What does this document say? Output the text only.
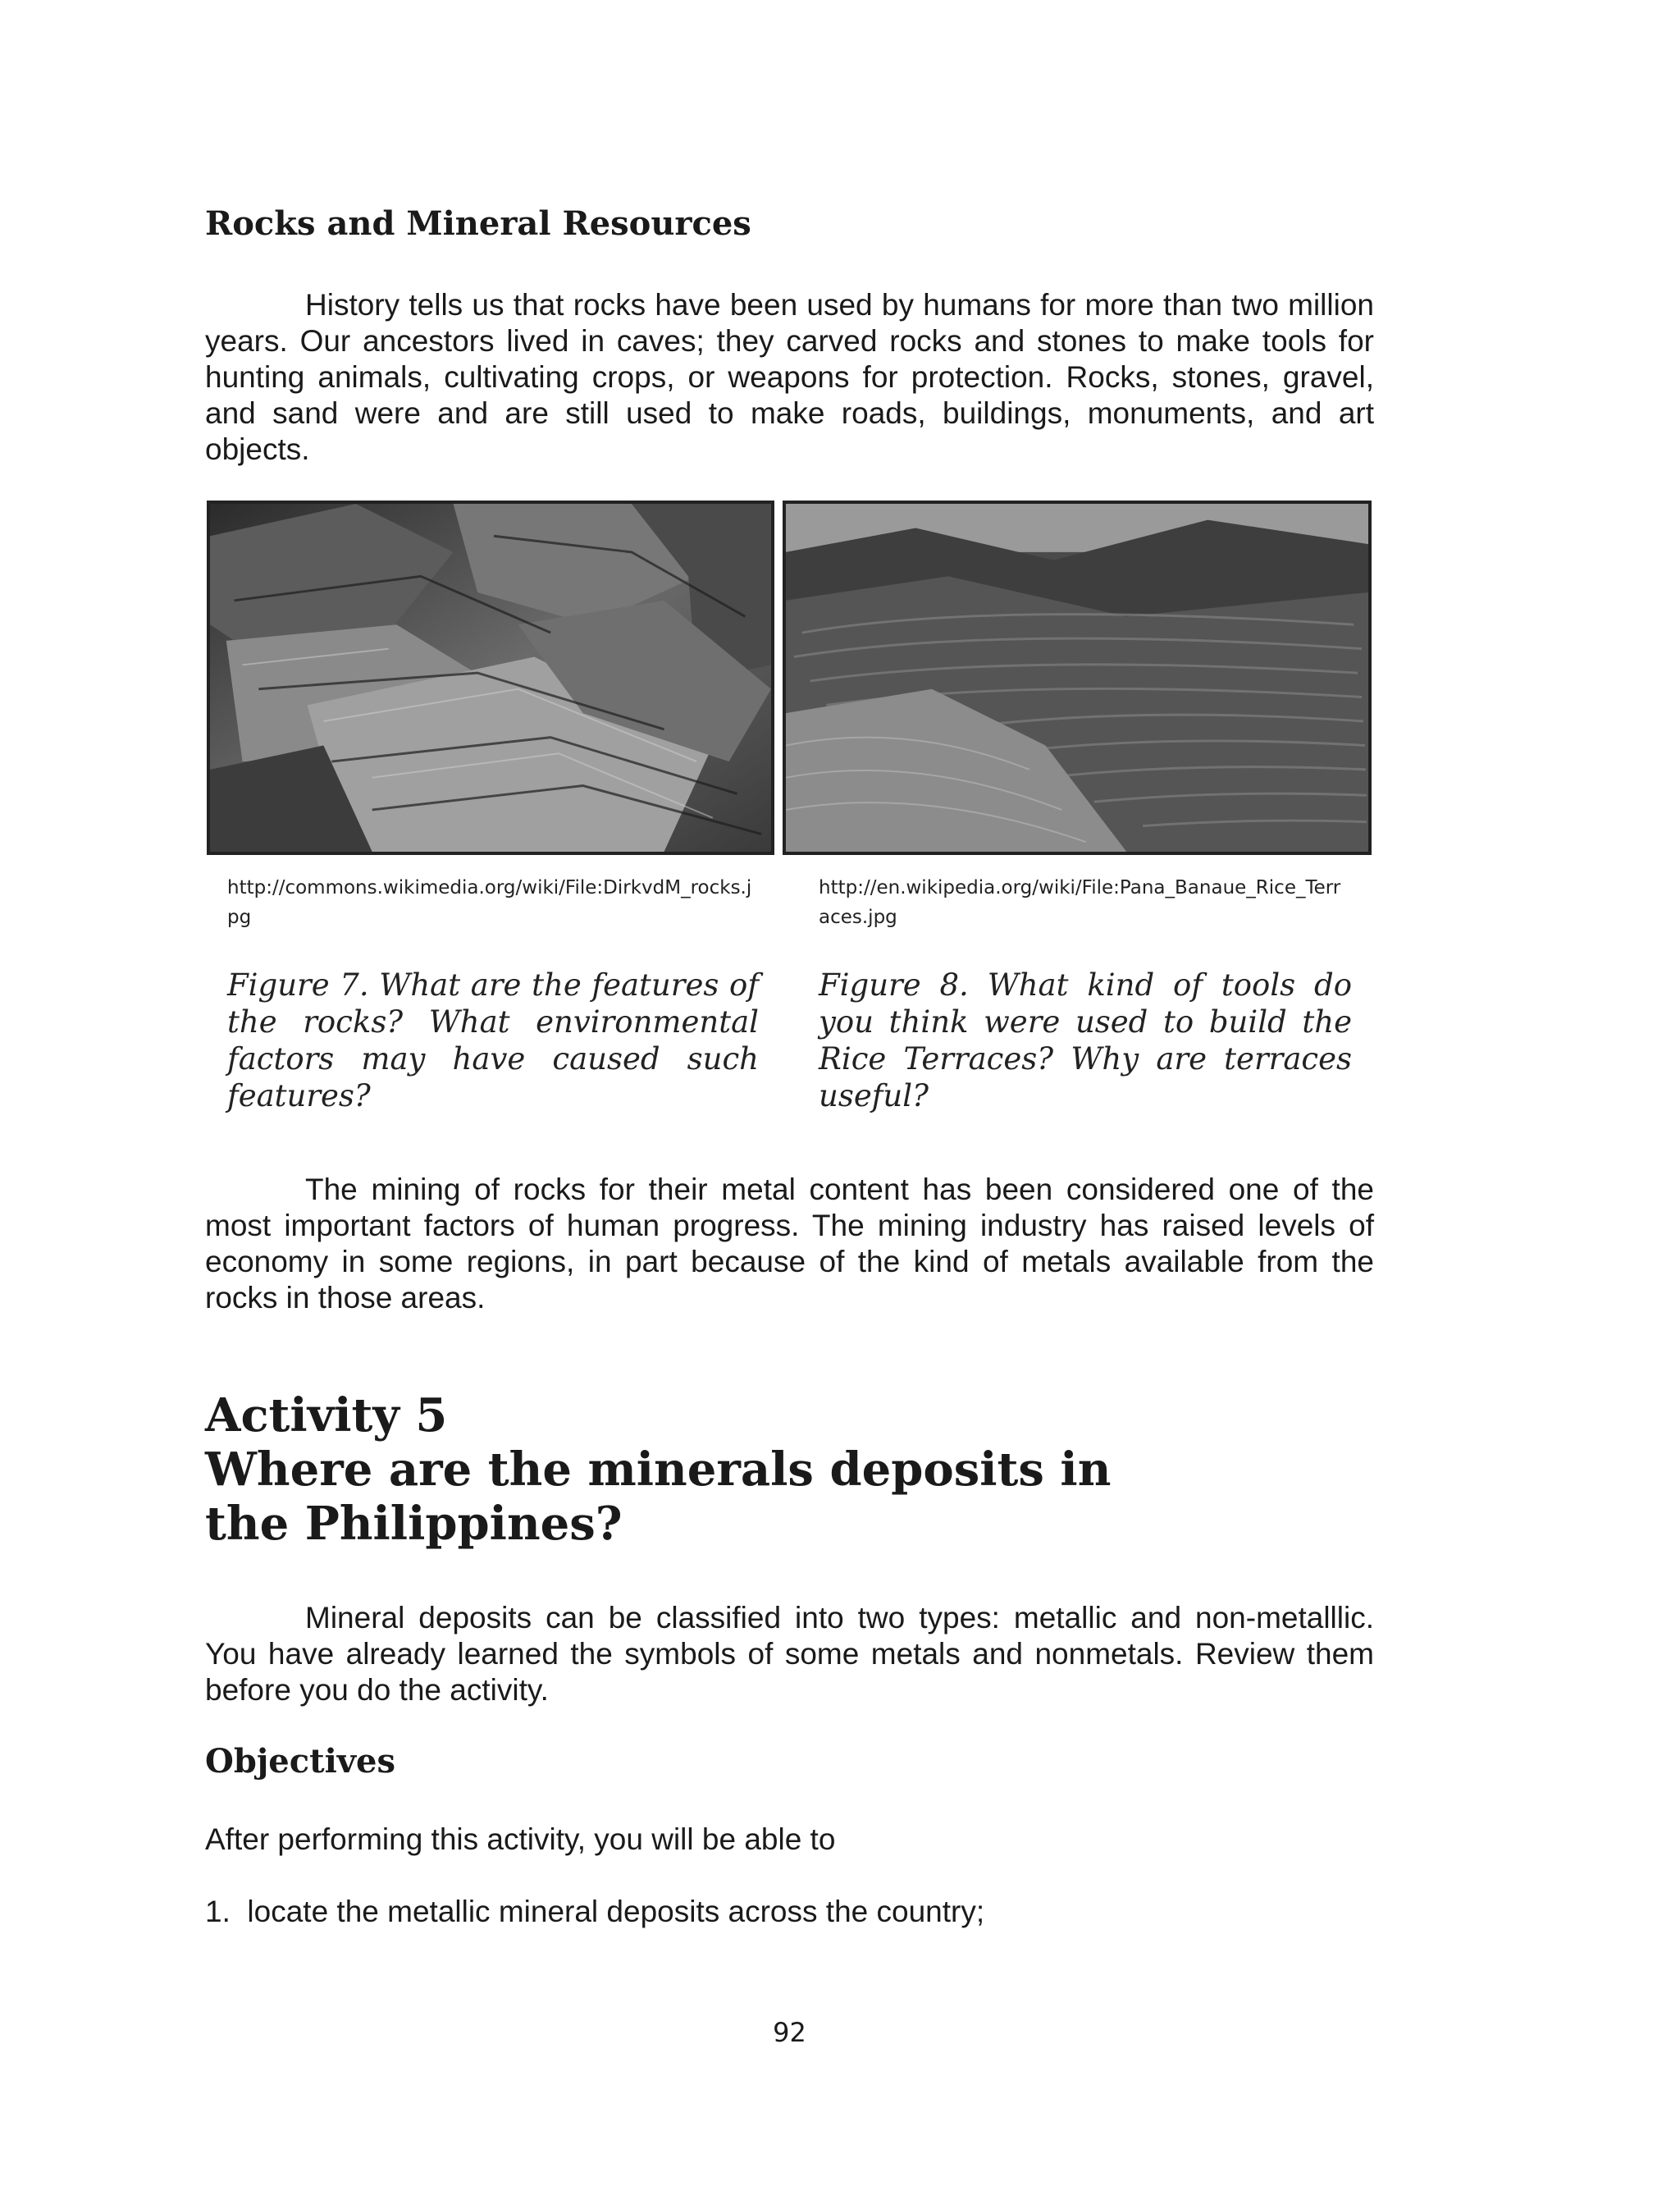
Rocks and Mineral Resources

History tells us that rocks have been used by humans for more than two million years. Our ancestors lived in caves; they carved rocks and stones to make tools for hunting animals, cultivating crops, or weapons for protection. Rocks, stones, gravel, and sand were and are still used to make roads, buildings, monuments, and art objects.

http://commons.wikimedia.org/wiki/File:DirkvdM_rocks.jpg
http://en.wikipedia.org/wiki/File:Pana_Banaue_Rice_Terraces.jpg
Figure 7. What are the features of the rocks? What environmental factors may have caused such features?
Figure 8. What kind of tools do you think were used to build the Rice Terraces? Why are terraces useful?

The mining of rocks for their metal content has been considered one of the most important factors of human progress. The mining industry has raised levels of economy in some regions, in part because of the kind of metals available from the rocks in those areas.

Activity 5
Where are the minerals deposits in the Philippines?

Mineral deposits can be classified into two types: metallic and non-metalllic. You have already learned the symbols of some metals and nonmetals. Review them before you do the activity.

Objectives
After performing this activity, you will be able to
1.  locate the metallic mineral deposits across the country;
92
